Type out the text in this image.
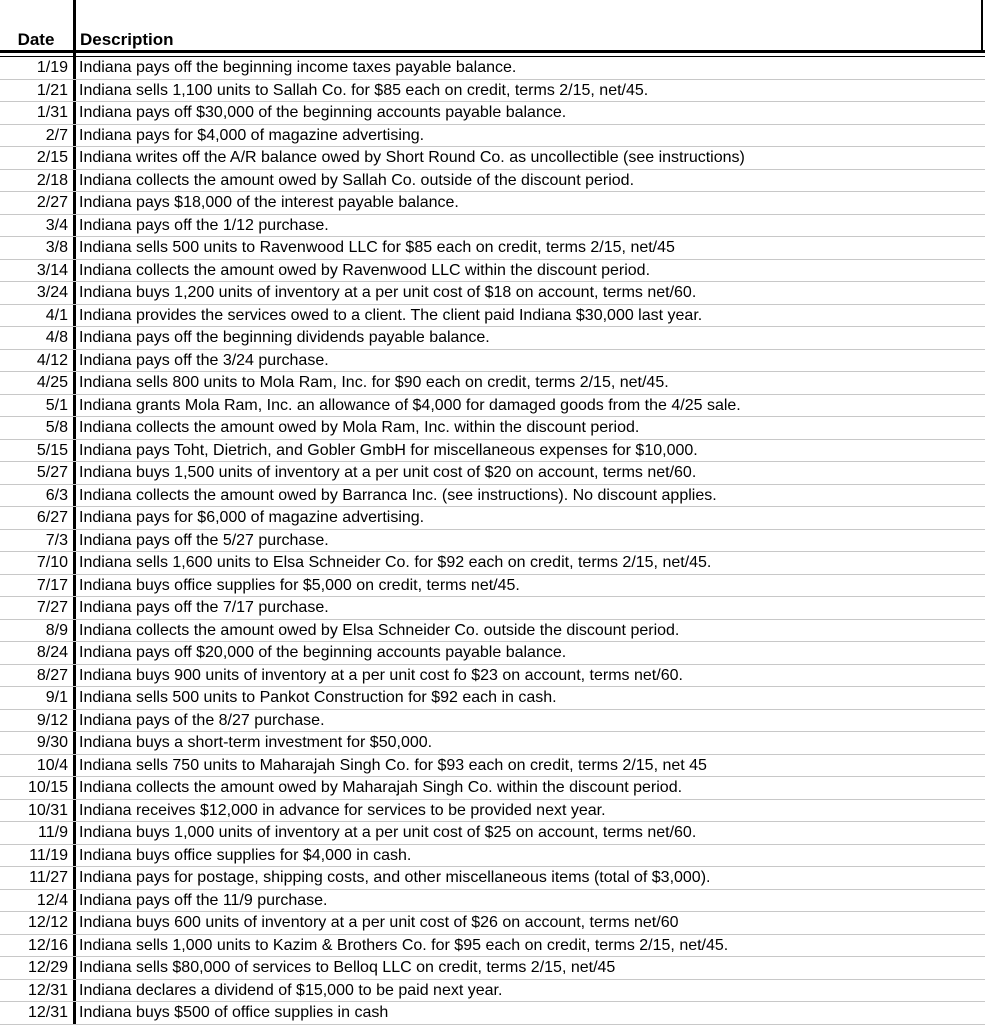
Date	Description
1/19 Indiana pays off the beginning income taxes payable balance.
1/21 Indiana sells 1,100 units to Sallah Co. for $85 each on credit, terms 2/15, net/45.
1/31 Indiana pays off $30,000 of the beginning accounts payable balance.
2/7 Indiana pays for $4,000 of magazine advertising.
2/15 Indiana writes off the A/R balance owed by Short Round Co. as uncollectible (see instructions)
2/18 Indiana collects the amount owed by Sallah Co. outside of the discount period.
2/27 Indiana pays $18,000 of the interest payable balance.
3/4 Indiana pays off the 1/12 purchase.
3/8 Indiana sells 500 units to Ravenwood LLC for $85 each on credit, terms 2/15, net/45
3/14 Indiana collects the amount owed by Ravenwood LLC within the discount period.
3/24 Indiana buys 1,200 units of inventory at a per unit cost of $18 on account, terms net/60.
4/1 Indiana provides the services owed to a client. The client paid Indiana $30,000 last year.
4/8 Indiana pays off the beginning dividends payable balance.
4/12 Indiana pays off the 3/24 purchase.
4/25 Indiana sells 800 units to Mola Ram, Inc. for $90 each on credit, terms 2/15, net/45.
5/1 Indiana grants Mola Ram, Inc. an allowance of $4,000 for damaged goods from the 4/25 sale.
5/8 Indiana collects the amount owed by Mola Ram, Inc. within the discount period.
5/15 Indiana pays Toht, Dietrich, and Gobler GmbH for miscellaneous expenses for $10,000.
5/27 Indiana buys 1,500 units of inventory at a per unit cost of $20 on account, terms net/60.
6/3 Indiana collects the amount owed by Barranca Inc. (see instructions). No discount applies.
6/27 Indiana pays for $6,000 of magazine advertising.
7/3 Indiana pays off the 5/27 purchase.
7/10 Indiana sells 1,600 units to Elsa Schneider Co. for $92 each on credit, terms 2/15, net/45.
7/17 Indiana buys office supplies for $5,000 on credit, terms net/45.
7/27 Indiana pays off the 7/17 purchase.
8/9 Indiana collects the amount owed by Elsa Schneider Co. outside the discount period.
8/24 Indiana pays off $20,000 of the beginning accounts payable balance.
8/27 Indiana buys 900 units of inventory at a per unit cost fo $23 on account, terms net/60.
9/1 Indiana sells 500 units to Pankot Construction for $92 each in cash.
9/12 Indiana pays of the 8/27 purchase.
9/30 Indiana buys a short-term investment for $50,000.
10/4 Indiana sells 750 units to Maharajah Singh Co. for $93 each on credit, terms 2/15, net 45
10/15 Indiana collects the amount owed by Maharajah Singh Co. within the discount period.
10/31 Indiana receives $12,000 in advance for services to be provided next year.
11/9 Indiana buys 1,000 units of inventory at a per unit cost of $25 on account, terms net/60.
11/19 Indiana buys office supplies for $4,000 in cash.
11/27 Indiana pays for postage, shipping costs, and other miscellaneous items (total of $3,000).
12/4 Indiana pays off the 11/9 purchase.
12/12 Indiana buys 600 units of inventory at a per unit cost of $26 on account, terms net/60
12/16 Indiana sells 1,000 units to Kazim & Brothers Co. for $95 each on credit, terms 2/15, net/45.
12/29 Indiana sells $80,000 of services to Belloq LLC on credit, terms 2/15, net/45
12/31 Indiana declares a dividend of $15,000 to be paid next year.
12/31 Indiana buys $500 of office supplies in cash
